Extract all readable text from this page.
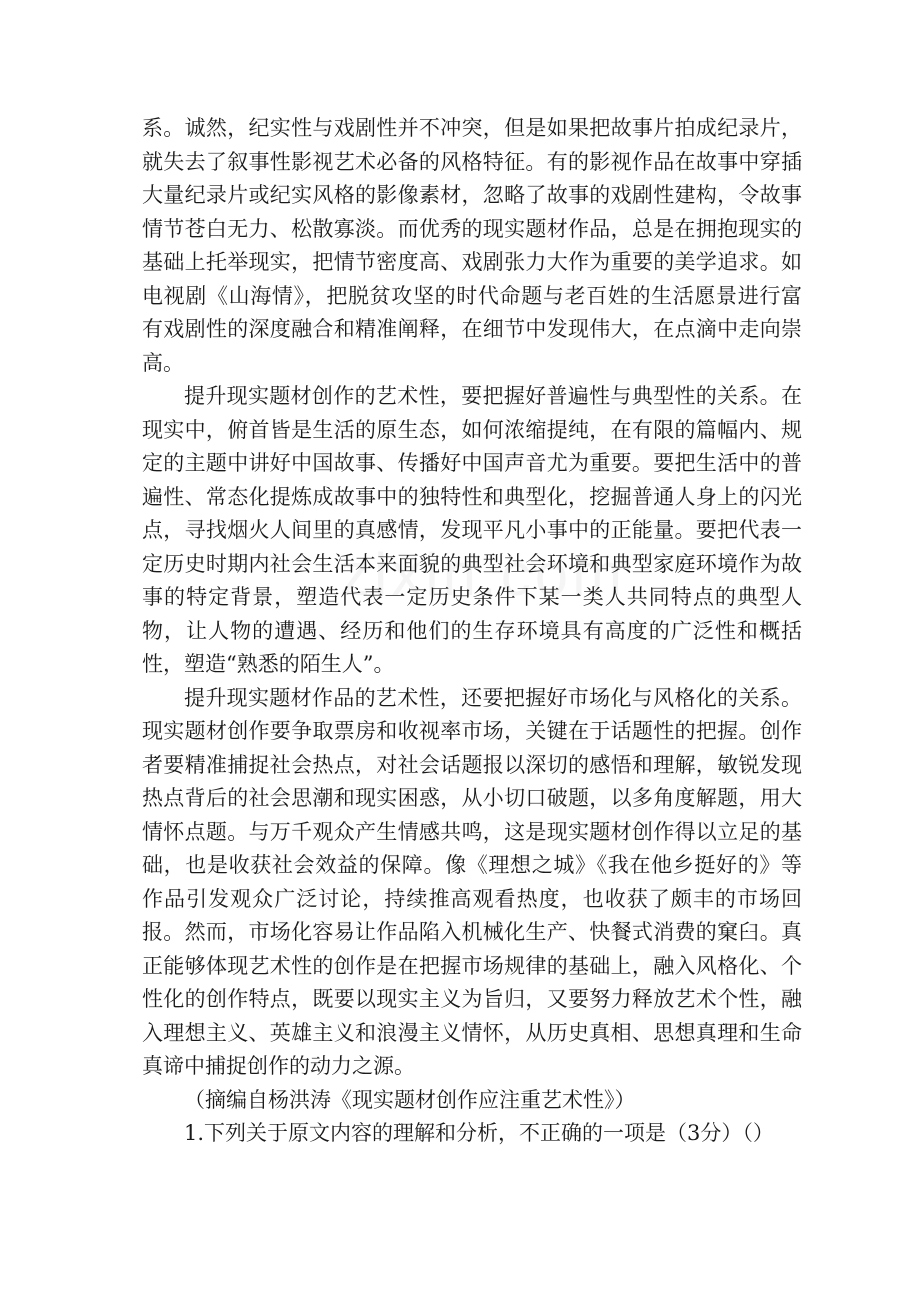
系。诚然，纪实性与戏剧性并不冲突，但是如果把故事片拍成纪录片，就失去了叙事性影视艺术必备的风格特征。有的影视作品在故事中穿插大量纪录片或纪实风格的影像素材，忽略了故事的戏剧性建构，令故事情节苍白无力、松散寡淡。而优秀的现实题材作品，总是在拥抱现实的基础上托举现实，把情节密度高、戏剧张力大作为重要的美学追求。如电视剧《山海情》，把脱贫攻坚的时代命题与老百姓的生活愿景进行富有戏剧性的深度融合和精准阐释，在细节中发现伟大，在点滴中走向崇高。

提升现实题材创作的艺术性，要把握好普遍性与典型性的关系。在现实中，俯首皆是生活的原生态，如何浓缩提纯，在有限的篇幅内、规定的主题中讲好中国故事、传播好中国声音尤为重要。要把生活中的普遍性、常态化提炼成故事中的独特性和典型化，挖掘普通人身上的闪光点，寻找烟火人间里的真感情，发现平凡小事中的正能量。要把代表一定历史时期内社会生活本来面貌的典型社会环境和典型家庭环境作为故事的特定背景，塑造代表一定历史条件下某一类人共同特点的典型人物，让人物的遭遇、经历和他们的生存环境具有高度的广泛性和概括性，塑造“熟悉的陌生人”。

提升现实题材作品的艺术性，还要把握好市场化与风格化的关系。现实题材创作要争取票房和收视率市场，关键在于话题性的把握。创作者要精准捕捉社会热点，对社会话题报以深切的感悟和理解，敏锐发现热点背后的社会思潮和现实困惑，从小切口破题，以多角度解题，用大情怀点题。与万千观众产生情感共鸣，这是现实题材创作得以立足的基础，也是收获社会效益的保障。像《理想之城》《我在他乡挺好的》等作品引发观众广泛讨论，持续推高观看热度，也收获了颇丰的市场回报。然而，市场化容易让作品陷入机械化生产、快餐式消费的窠臼。真正能够体现艺术性的创作是在把握市场规律的基础上，融入风格化、个性化的创作特点，既要以现实主义为旨归，又要努力释放艺术个性，融入理想主义、英雄主义和浪漫主义情怀，从历史真相、思想真理和生命真谛中捕捉创作的动力之源。

（摘编自杨洪涛《现实题材创作应注重艺术性》）

1.下列关于原文内容的理解和分析，不正确的一项是（3分）（）
